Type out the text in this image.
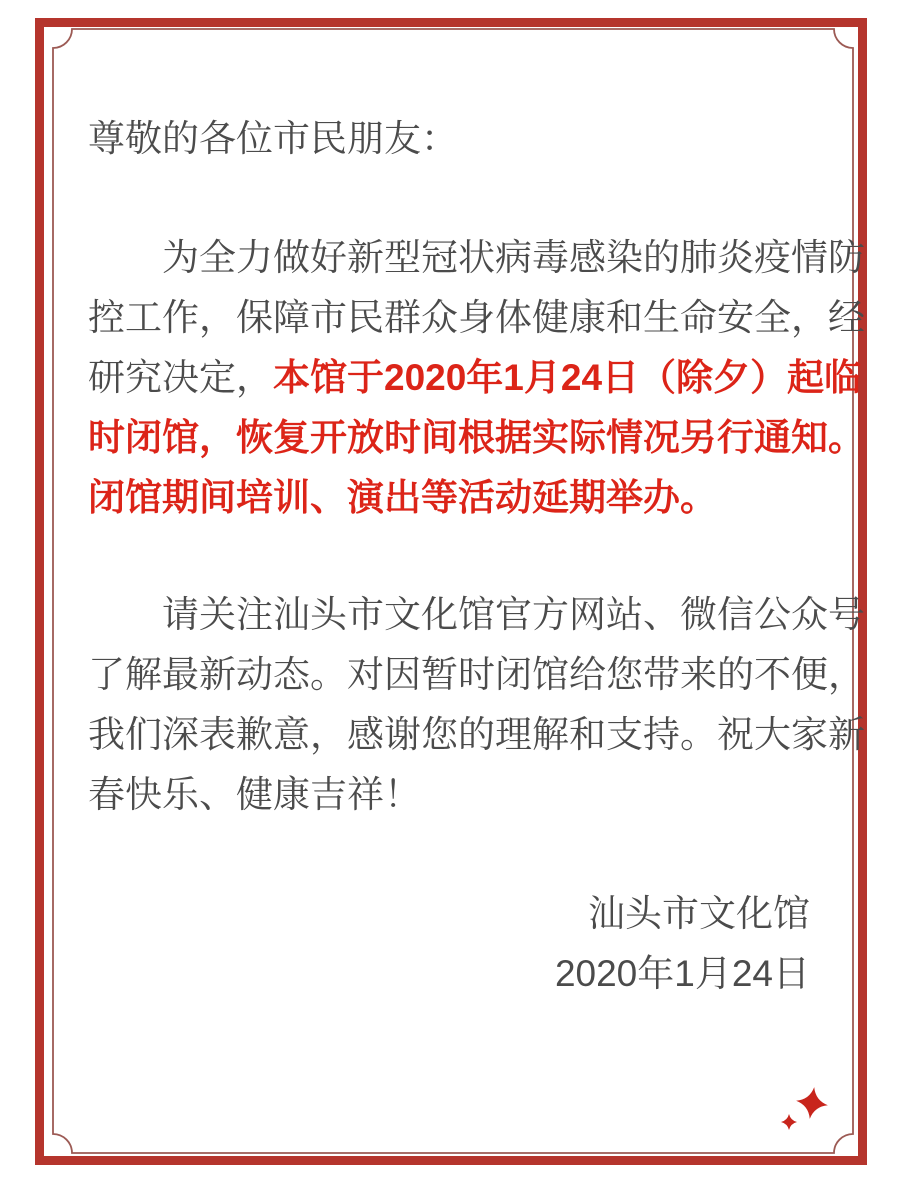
尊敬的各位市民朋友：
　　为全力做好新型冠状病毒感染的肺炎疫情防
控工作，保障市民群众身体健康和生命安全，经
研究决定，本馆于2020年1月24日（除夕）起临
时闭馆，恢复开放时间根据实际情况另行通知。
闭馆期间培训、演出等活动延期举办。
　　请关注汕头市文化馆官方网站、微信公众号
了解最新动态。对因暂时闭馆给您带来的不便，
我们深表歉意，感谢您的理解和支持。祝大家新
春快乐、健康吉祥！
汕头市文化馆
2020年1月24日
